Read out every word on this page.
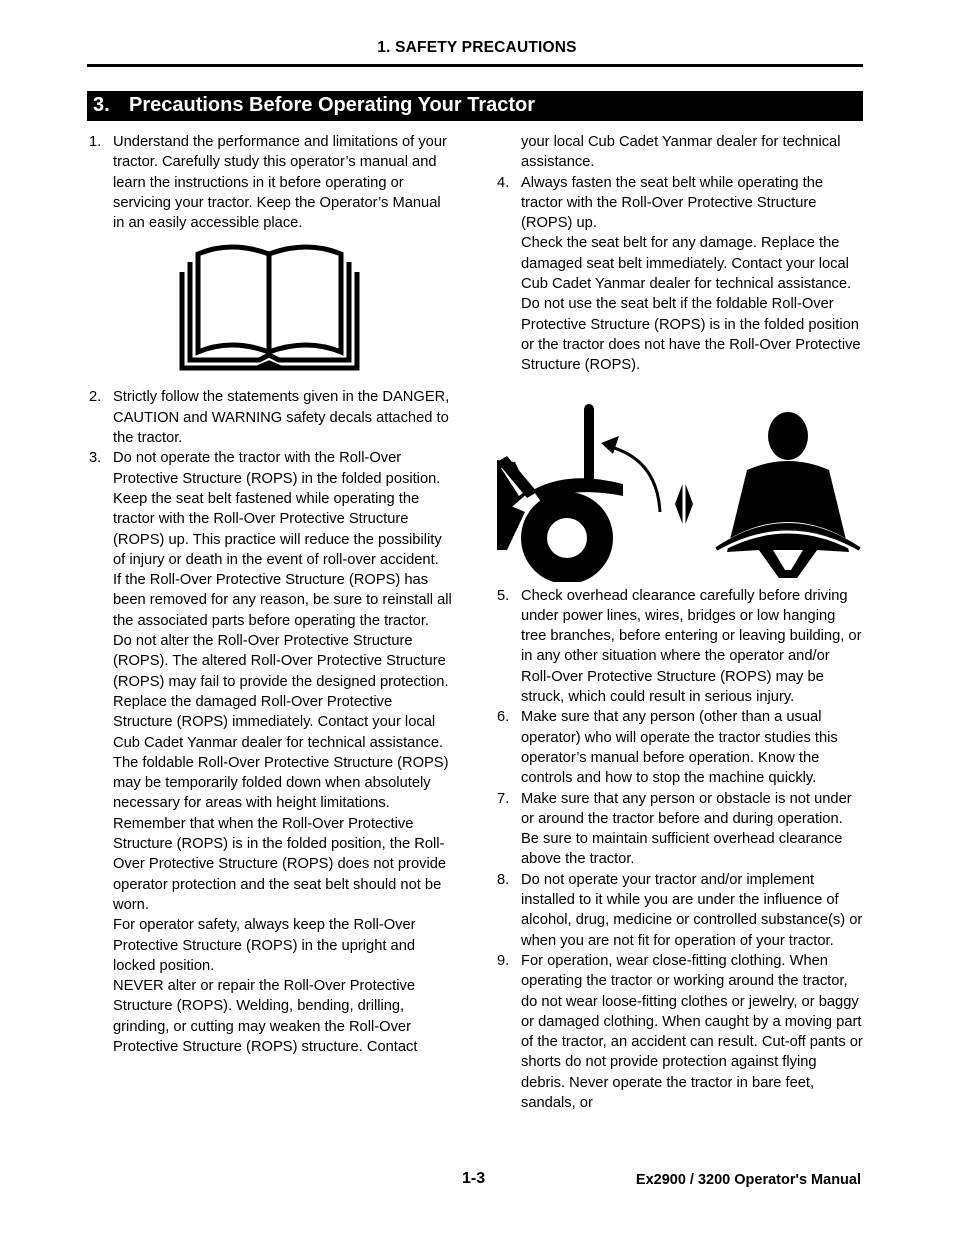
1. SAFETY PRECAUTIONS
3. Precautions Before Operating Your Tractor
1. Understand the performance and limitations of your tractor. Carefully study this operator’s manual and learn the instructions in it before operating or servicing your tractor. Keep the Operator’s Manual in an easily accessible place.

2. Strictly follow the statements given in the DANGER, CAUTION and WARNING safety decals attached to the tractor.

3. Do not operate the tractor with the Roll-Over Protective Structure (ROPS) in the folded position.

Keep the seat belt fastened while operating the tractor with the Roll-Over Protective Structure (ROPS) up. This practice will reduce the possibility of injury or death in the event of roll-over accident.

If the Roll-Over Protective Structure (ROPS) has been removed for any reason, be sure to reinstall all the associated parts before operating the tractor.

Do not alter the Roll-Over Protective Structure (ROPS). The altered Roll-Over Protective Structure (ROPS) may fail to provide the designed protection.

Replace the damaged Roll-Over Protective Structure (ROPS) immediately. Contact your local Cub Cadet Yanmar dealer for technical assistance.

The foldable Roll-Over Protective Structure (ROPS) may be temporarily folded down when absolutely necessary for areas with height limitations. Remember that when the Roll-Over Protective Structure (ROPS) is in the folded position, the Roll-Over Protective Structure (ROPS) does not provide operator protection and the seat belt should not be worn.

For operator safety, always keep the Roll-Over Protective Structure (ROPS) in the upright and locked position.

NEVER alter or repair the Roll-Over Protective Structure (ROPS). Welding, bending, drilling, grinding, or cutting may weaken the Roll-Over Protective Structure (ROPS) structure. Contact

your local Cub Cadet Yanmar dealer for technical assistance.

4. Always fasten the seat belt while operating the tractor with the Roll-Over Protective Structure (ROPS) up.

Check the seat belt for any damage. Replace the damaged seat belt immediately. Contact your local Cub Cadet Yanmar dealer for technical assistance.

Do not use the seat belt if the foldable Roll-Over Protective Structure (ROPS) is in the folded position or the tractor does not have the Roll-Over Protective Structure (ROPS).

5. Check overhead clearance carefully before driving under power lines, wires, bridges or low hanging tree branches, before entering or leaving building, or in any other situation where the operator and/or Roll-Over Protective Structure (ROPS) may be struck, which could result in serious injury.

6. Make sure that any person (other than a usual operator) who will operate the tractor studies this operator’s manual before operation. Know the controls and how to stop the machine quickly.

7. Make sure that any person or obstacle is not under or around the tractor before and during operation. Be sure to maintain sufficient overhead clearance above the tractor.

8. Do not operate your tractor and/or implement installed to it while you are under the influence of alcohol, drug, medicine or controlled substance(s) or when you are not fit for operation of your tractor.

9. For operation, wear close-fitting clothing. When operating the tractor or working around the tractor, do not wear loose-fitting clothes or jewelry, or baggy or damaged clothing. When caught by a moving part of the tractor, an accident can result. Cut-off pants or shorts do not provide protection against flying debris. Never operate the tractor in bare feet, sandals, or

1-3	Ex2900 / 3200 Operator's Manual
